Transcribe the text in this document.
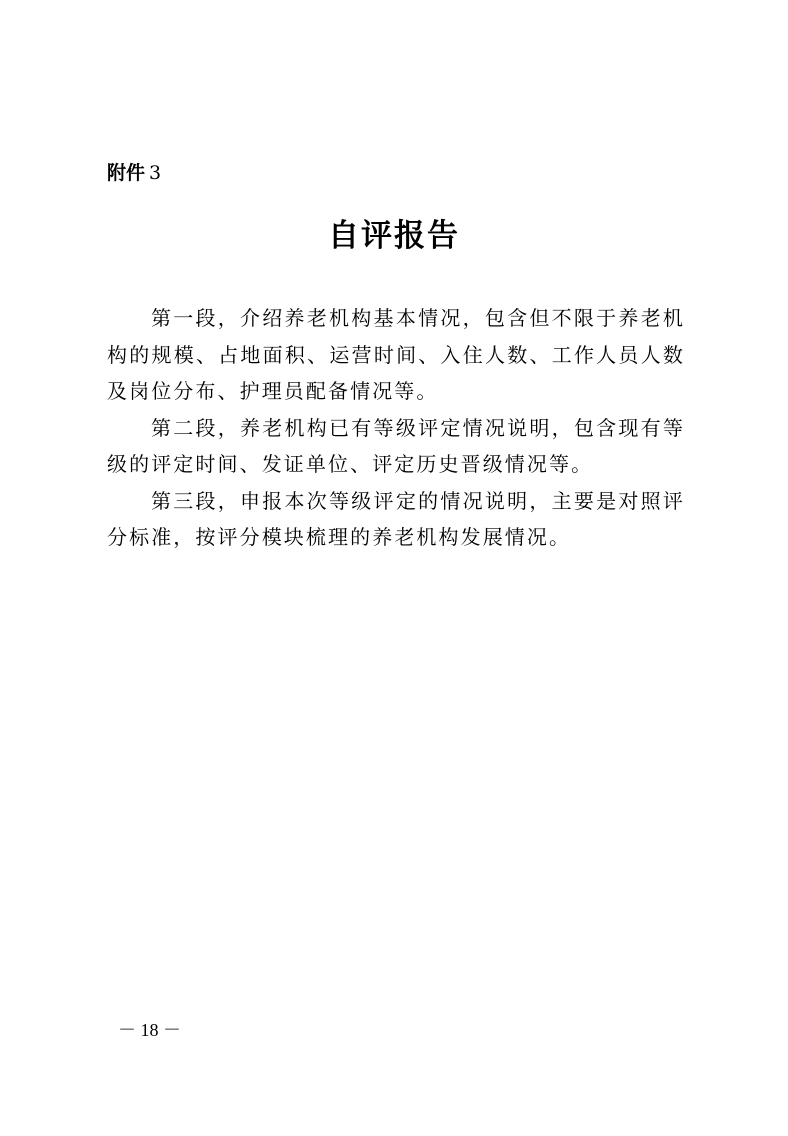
附件 3
自评报告

第一段，介绍养老机构基本情况，包含但不限于养老机构的规模、占地面积、运营时间、入住人数、工作人员人数及岗位分布、护理员配备情况等。

第二段，养老机构已有等级评定情况说明，包含现有等级的评定时间、发证单位、评定历史晋级情况等。

第三段，申报本次等级评定的情况说明，主要是对照评分标准，按评分模块梳理的养老机构发展情况。

－ 18 －
